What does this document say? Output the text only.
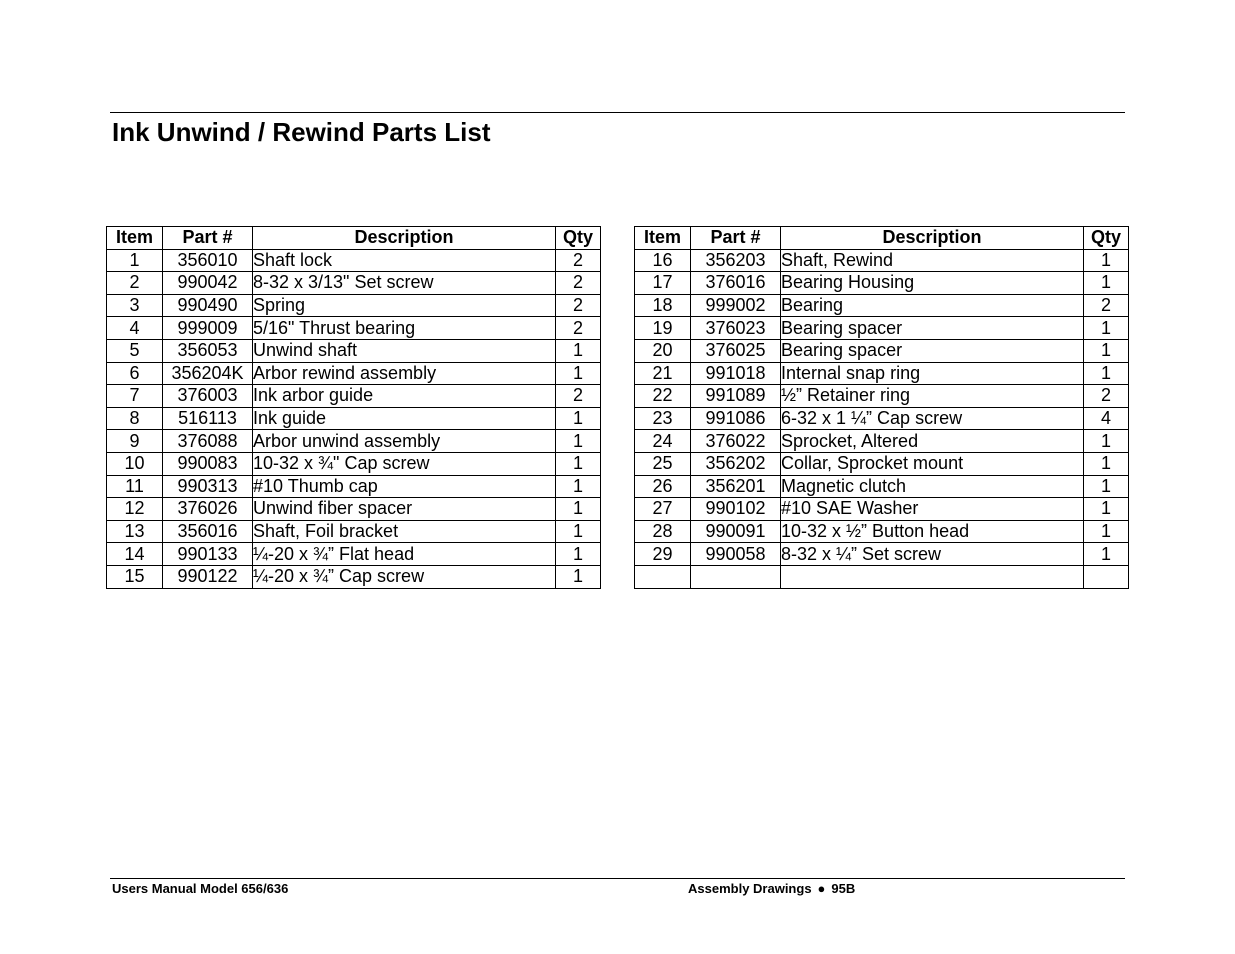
Ink Unwind / Rewind Parts List
Item	Part #	Description	Qty
1	356010	Shaft lock	2
2	990042	8-32 x 3/13" Set screw	2
3	990490	Spring	2
4	999009	5/16" Thrust bearing	2
5	356053	Unwind shaft	1
6	356204K	Arbor rewind assembly	1
7	376003	Ink arbor guide	2
8	516113	Ink guide	1
9	376088	Arbor unwind assembly	1
10	990083	10-32 x ¾" Cap screw	1
11	990313	#10 Thumb cap	1
12	376026	Unwind fiber spacer	1
13	356016	Shaft, Foil bracket	1
14	990133	¼-20 x ¾” Flat head	1
15	990122	¼-20 x ¾” Cap screw	1
Item	Part #	Description	Qty
16	356203	Shaft, Rewind	1
17	376016	Bearing Housing	1
18	999002	Bearing	2
19	376023	Bearing spacer	1
20	376025	Bearing spacer	1
21	991018	Internal snap ring	1
22	991089	½” Retainer ring	2
23	991086	6-32 x 1 ¼” Cap screw	4
24	376022	Sprocket, Altered	1
25	356202	Collar, Sprocket mount	1
26	356201	Magnetic clutch	1
27	990102	#10 SAE Washer	1
28	990091	10-32 x ½” Button head	1
29	990058	8-32 x ¼” Set screw	1

Users Manual Model 656/636	Assembly Drawings ● 95B
